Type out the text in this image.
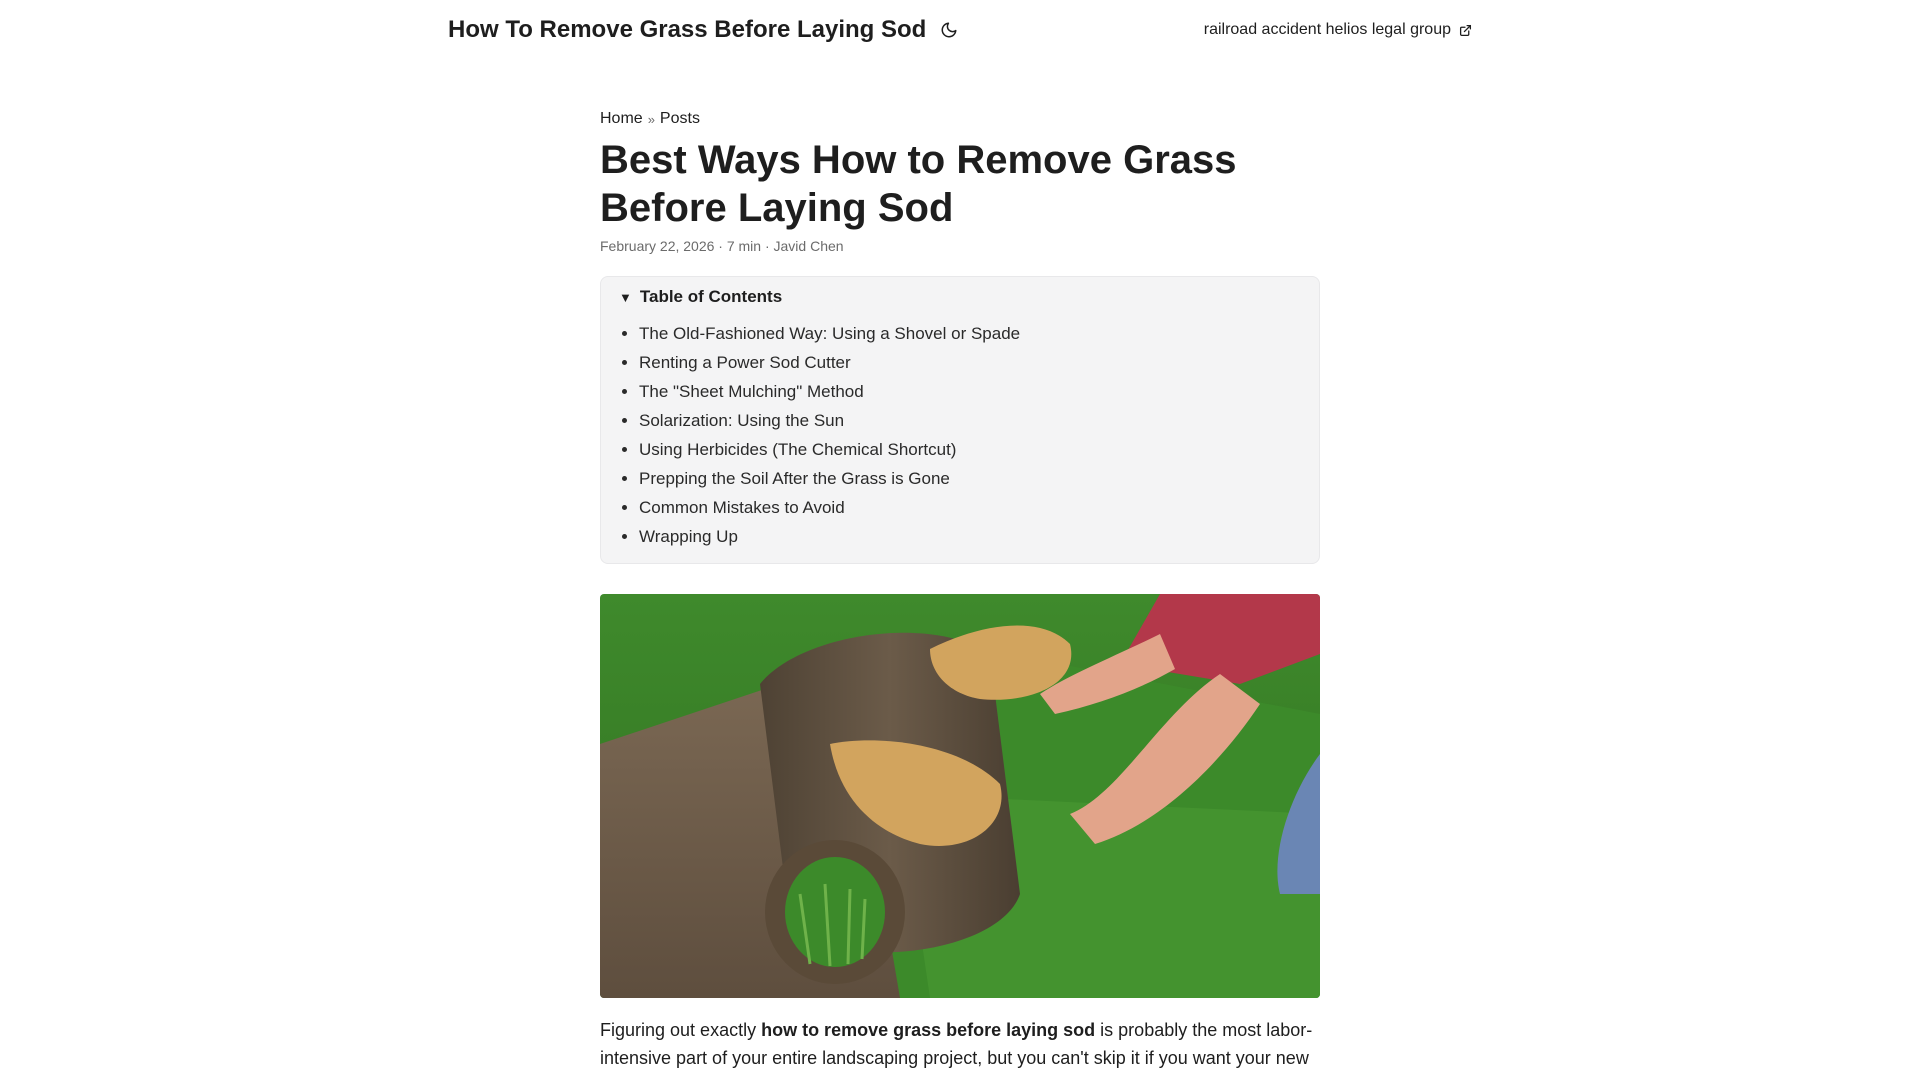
How To Remove Grass Before Laying Sod	railroad accident helios legal group
Home » Posts
Best Ways How to Remove Grass Before Laying Sod
February 22, 2026 · 7 min · Javid Chen
▼ Table of Contents
• The Old-Fashioned Way: Using a Shovel or Spade
• Renting a Power Sod Cutter
• The "Sheet Mulching" Method
• Solarization: Using the Sun
• Using Herbicides (The Chemical Shortcut)
• Prepping the Soil After the Grass is Gone
• Common Mistakes to Avoid
• Wrapping Up

Figuring out exactly how to remove grass before laying sod is probably the most labor-intensive part of your entire landscaping project, but you can't skip it if you want your new
